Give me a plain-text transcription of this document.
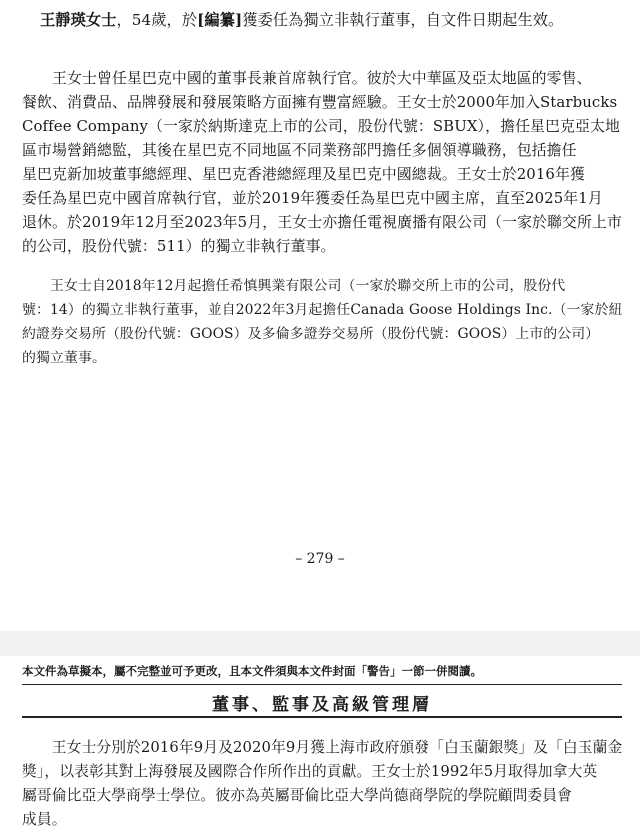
王靜瑛女士，54歲，於[編纂]獲委任為獨立非執行董事，自文件日期起生效。

　　王女士曾任星巴克中國的董事長兼首席執行官。彼於大中華區及亞太地區的零售、
餐飲、消費品、品牌發展和發展策略方面擁有豐富經驗。王女士於2000年加入Starbucks
Coffee Company（一家於納斯達克上市的公司，股份代號：SBUX），擔任星巴克亞太地
區市場營銷總監，其後在星巴克不同地區不同業務部門擔任多個領導職務，包括擔任
星巴克新加坡董事總經理、星巴克香港總經理及星巴克中國總裁。王女士於2016年獲
委任為星巴克中國首席執行官，並於2019年獲委任為星巴克中國主席，直至2025年1月
退休。於2019年12月至2023年5月，王女士亦擔任電視廣播有限公司（一家於聯交所上市
的公司，股份代號：511）的獨立非執行董事。
　　王女士自2018年12月起擔任希慎興業有限公司（一家於聯交所上市的公司，股份代
號：14）的獨立非執行董事，並自2022年3月起擔任Canada Goose Holdings Inc.（一家於紐
約證券交易所（股份代號：GOOS）及多倫多證券交易所（股份代號：GOOS）上市的公司）
的獨立董事。
– 279 –
本文件為草擬本，屬不完整並可予更改，且本文件須與本文件封面「警告」一節一併閱讀。
董事、監事及高級管理層
　　王女士分別於2016年9月及2020年9月獲上海市政府頒發「白玉蘭銀獎」及「白玉蘭金
獎」，以表彰其對上海發展及國際合作所作出的貢獻。王女士於1992年5月取得加拿大英
屬哥倫比亞大學商學士學位。彼亦為英屬哥倫比亞大學尚德商學院的學院顧問委員會
成員。
